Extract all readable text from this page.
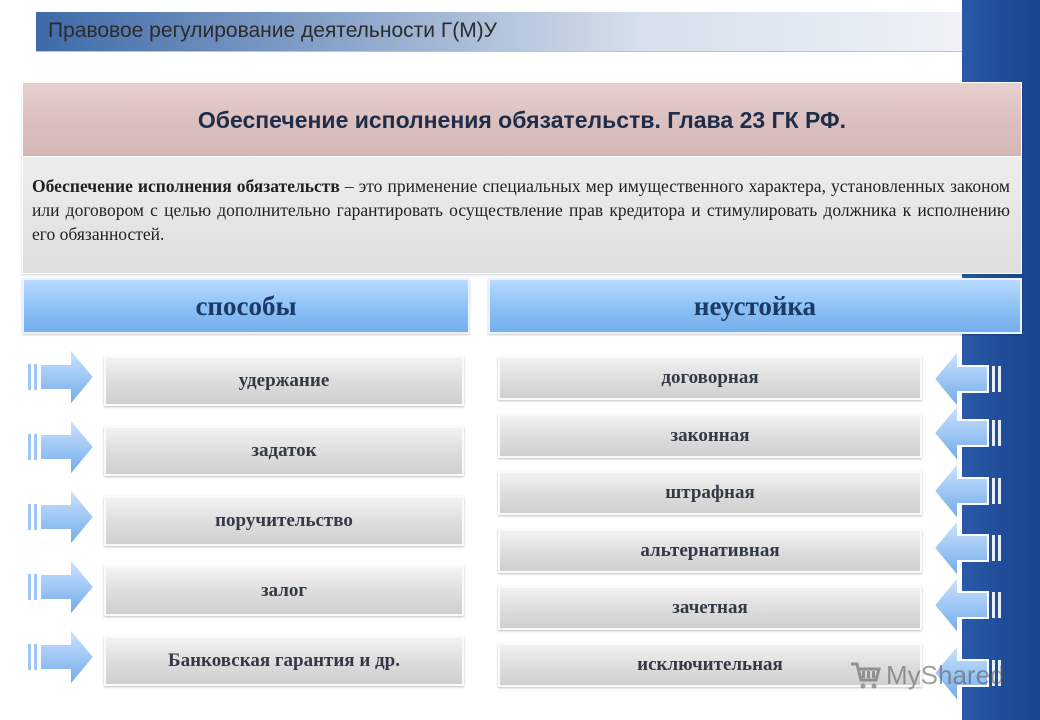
Правовое регулирование деятельности Г(М)У
Обеспечение исполнения обязательств. Глава 23 ГК РФ.

Обеспечение исполнения обязательств – это применение специальных мер имущественного характера, установленных законом или договором с целью дополнительно гарантировать осуществление прав кредитора и стимулировать должника к исполнению его обязанностей.

способы	неустойка
удержание
задаток
поручительство
залог
Банковская гарантия и др.
договорная
законная
штрафная
альтернативная
зачетная
исключительная	MyShared
